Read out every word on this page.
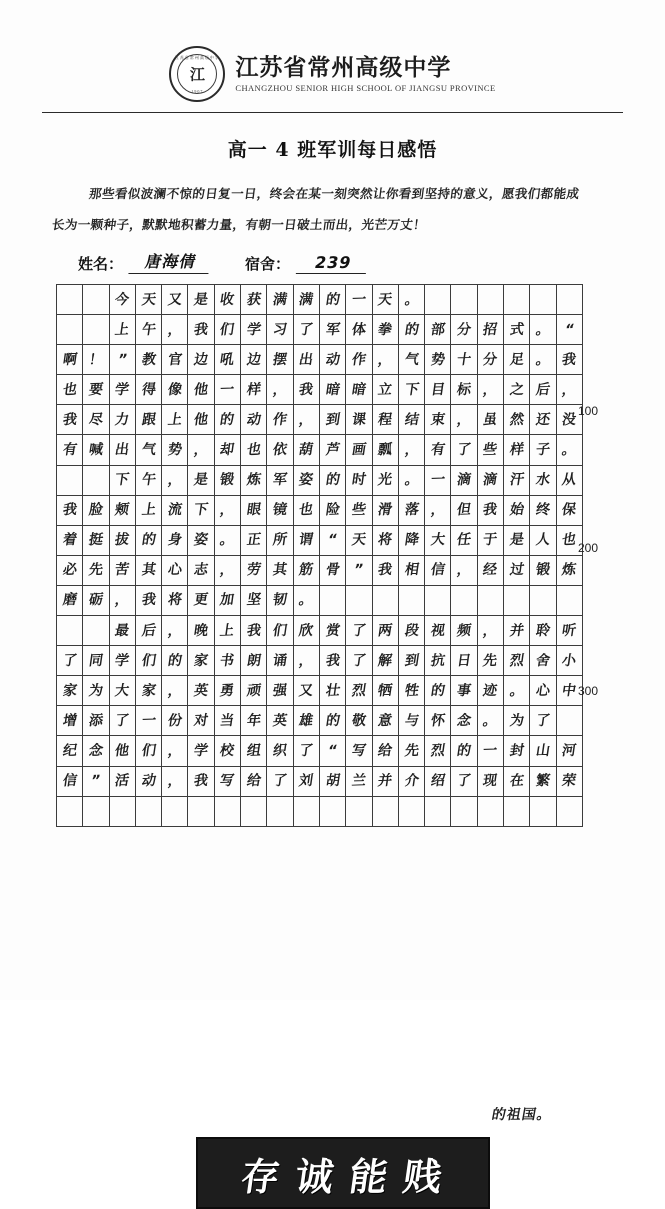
江苏省常州高级中学
江
1907
江苏省常州高级中学
CHANGZHOU SENIOR HIGH SCHOOL OF JIANGSU PROVINCE
高一 4 班军训每日感悟
那些看似波澜不惊的日复一日，终会在某一刻突然让你看到坚持的意义，愿我们都能成
长为一颗种子，默默地积蓄力量，有朝一日破土而出，光芒万丈！
姓名：	唐海倩	宿舍：	239
		今	天	又	是	收	获	满	满	的	一	天	。						
		上	午	，	我	们	学	习	了	军	体	拳	的	部	分	招	式	。	“
啊	！	”	教	官	边	吼	边	摆	出	动	作	，	气	势	十	分	足	。	我
也	要	学	得	像	他	一	样	，	我	暗	暗	立	下	目	标	，	之	后	，
我	尽	力	跟	上	他	的	动	作	，	到	课	程	结	束	，	虽	然	还	没
有	喊	出	气	势	，	却	也	依	葫	芦	画	瓢	，	有	了	些	样	子	。
		下	午	，	是	锻	炼	军	姿	的	时	光	。	一	滴	滴	汗	水	从
我	脸	颊	上	流	下	，	眼	镜	也	险	些	滑	落	，	但	我	始	终	保
着	挺	拔	的	身	姿	。	正	所	谓	“	天	将	降	大	任	于	是	人	也
必	先	苦	其	心	志	，	劳	其	筋	骨	”	我	相	信	，	经	过	锻	炼
磨	砺	，	我	将	更	加	坚	韧	。										
		最	后	，	晚	上	我	们	欣	赏	了	两	段	视	频	，	并	聆	听
了	同	学	们	的	家	书	朗	诵	，	我	了	解	到	抗	日	先	烈	舍	小
家	为	大	家	，	英	勇	顽	强	又	壮	烈	牺	牲	的	事	迹	。	心	中
增	添	了	一	份	对	当	年	英	雄	的	敬	意	与	怀	念	。	为	了	
纪	念	他	们	，	学	校	组	织	了	“	写	给	先	烈	的	一	封	山	河
信	”	活	动	，	我	写	给	了	刘	胡	兰	并	介	绍	了	现	在	繁	荣

100
200
300
的祖国。
存 诚 能 贱
